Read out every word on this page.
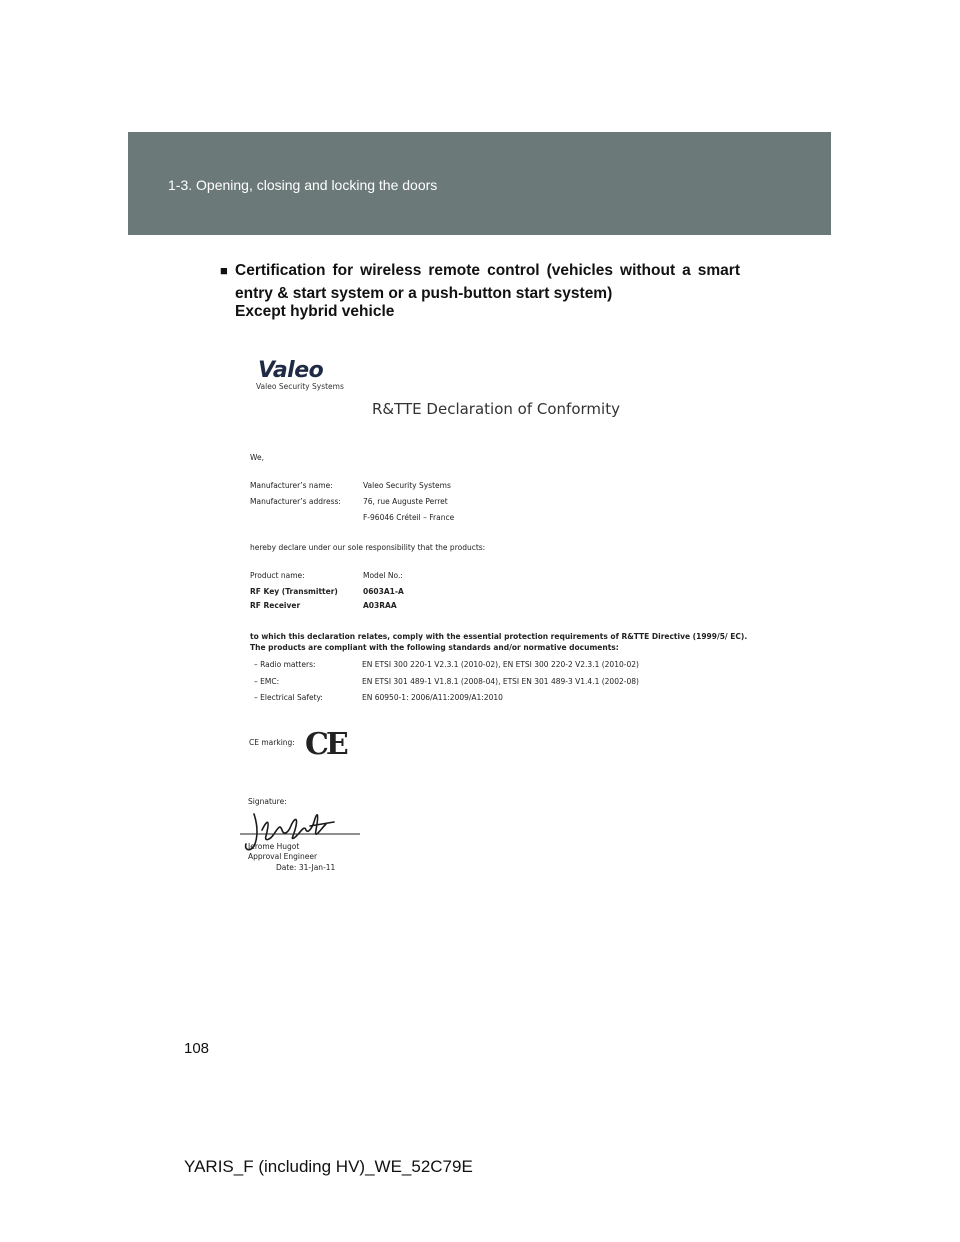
1-3. Opening, closing and locking the doors
■ Certification for wireless remote control (vehicles without a smart entry & start system or a push-button start system)
Except hybrid vehicle
Valeo
Valeo Security Systems
R&TTE Declaration of Conformity
We,
Manufacturer’s name:	Valeo Security Systems
Manufacturer’s address:	76, rue Auguste Perret
F-96046 Créteil – France
hereby declare under our sole responsibility that the products:
Product name:	Model No.:
RF Key (Transmitter)	0603A1-A
RF Receiver	A03RAA
to which this declaration relates, comply with the essential protection requirements of R&TTE Directive (1999/5/ EC).
The products are compliant with the following standards and/or normative documents:
– Radio matters:	EN ETSI 300 220-1 V2.3.1 (2010-02), EN ETSI 300 220-2 V2.3.1 (2010-02)
– EMC:	EN ETSI 301 489-1 V1.8.1 (2008-04), ETSI EN 301 489-3 V1.4.1 (2002-08)
– Electrical Safety:	EN 60950-1: 2006/A11:2009/A1:2010
CE marking: CE
Signature:
Jerome Hugot
Approval Engineer
Date: 31-Jan-11
108
YARIS_F (including HV)_WE_52C79E
